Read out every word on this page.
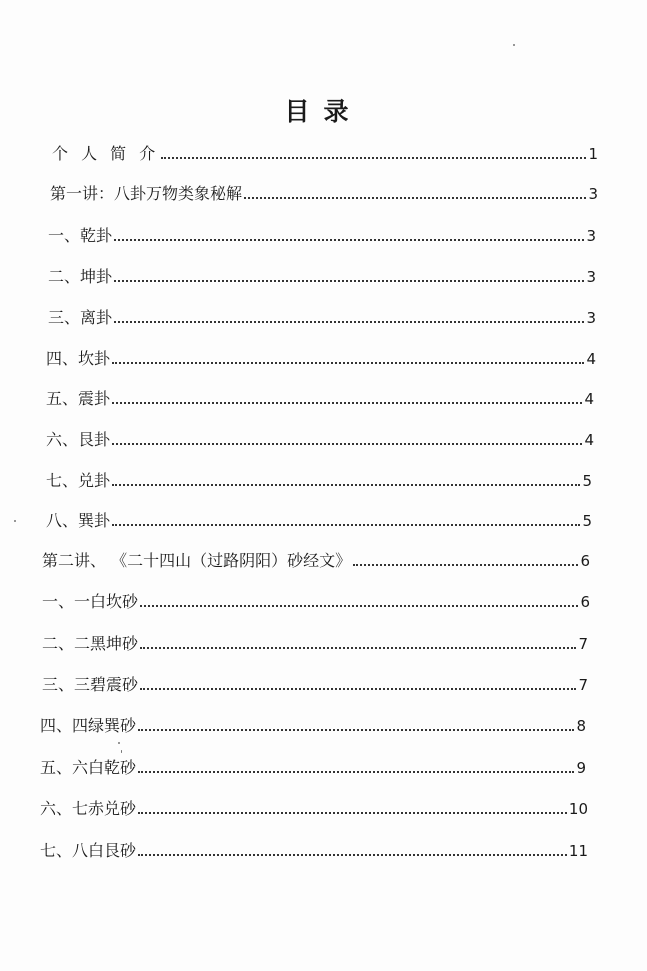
目录
个 人 简 介	1
第一讲：八卦万物类象秘解	3
一、乾卦	3
二、坤卦	3
三、离卦	3
四、坎卦	4
五、震卦	4
六、艮卦	4
七、兑卦	5
八、巽卦	5
第二讲、 《二十四山（过路阴阳）砂经文》	6
一、一白坎砂	6
二、二黑坤砂	7
三、三碧震砂	7
四、四绿巽砂	8
五、六白乾砂	9
六、七赤兑砂	10
七、八白艮砂	11
